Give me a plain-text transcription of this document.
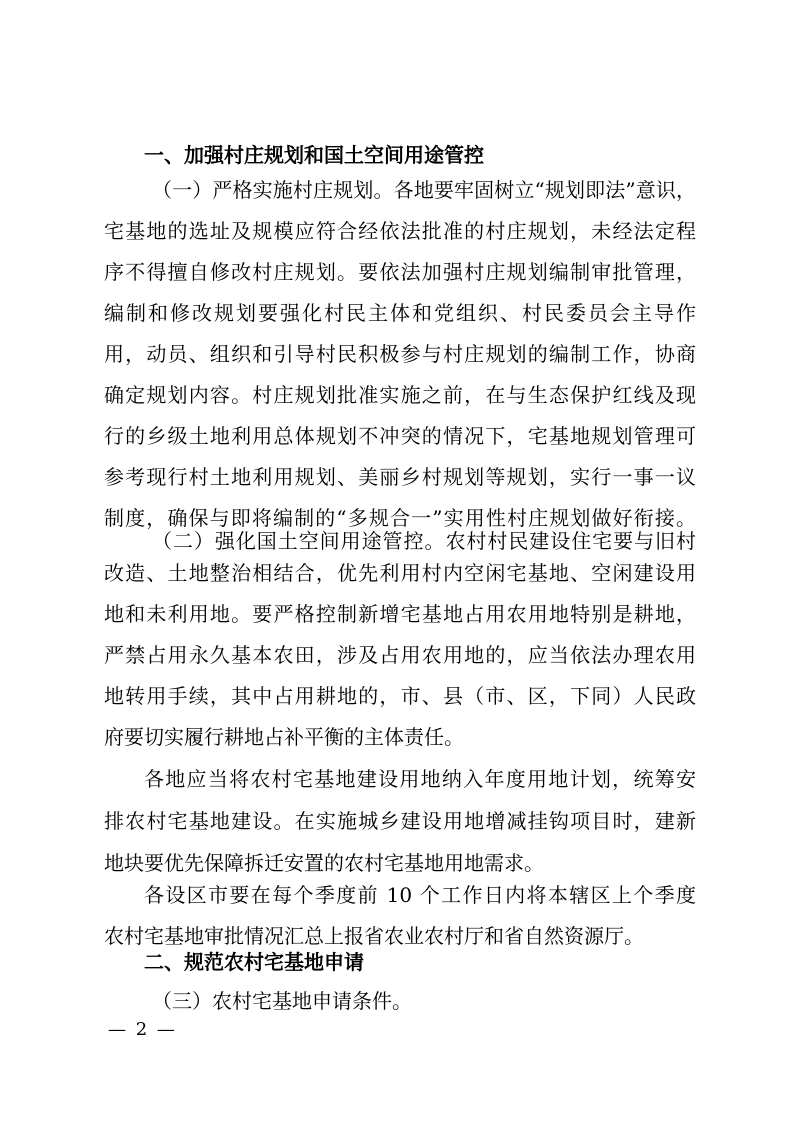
一、加强村庄规划和国土空间用途管控
（一）严格实施村庄规划。各地要牢固树立“规划即法”意识，
宅基地的选址及规模应符合经依法批准的村庄规划，未经法定程
序不得擅自修改村庄规划。要依法加强村庄规划编制审批管理，
编制和修改规划要强化村民主体和党组织、村民委员会主导作
用，动员、组织和引导村民积极参与村庄规划的编制工作，协商
确定规划内容。村庄规划批准实施之前，在与生态保护红线及现
行的乡级土地利用总体规划不冲突的情况下，宅基地规划管理可
参考现行村土地利用规划、美丽乡村规划等规划，实行一事一议
制度，确保与即将编制的“多规合一”实用性村庄规划做好衔接。
（二）强化国土空间用途管控。农村村民建设住宅要与旧村
改造、土地整治相结合，优先利用村内空闲宅基地、空闲建设用
地和未利用地。要严格控制新增宅基地占用农用地特别是耕地，
严禁占用永久基本农田，涉及占用农用地的，应当依法办理农用
地转用手续，其中占用耕地的，市、县（市、区，下同）人民政
府要切实履行耕地占补平衡的主体责任。
各地应当将农村宅基地建设用地纳入年度用地计划，统筹安
排农村宅基地建设。在实施城乡建设用地增减挂钩项目时，建新
地块要优先保障拆迁安置的农村宅基地用地需求。
各设区市要在每个季度前 10 个工作日内将本辖区上个季度
农村宅基地审批情况汇总上报省农业农村厅和省自然资源厅。
二、规范农村宅基地申请
（三）农村宅基地申请条件。
— 2 —
